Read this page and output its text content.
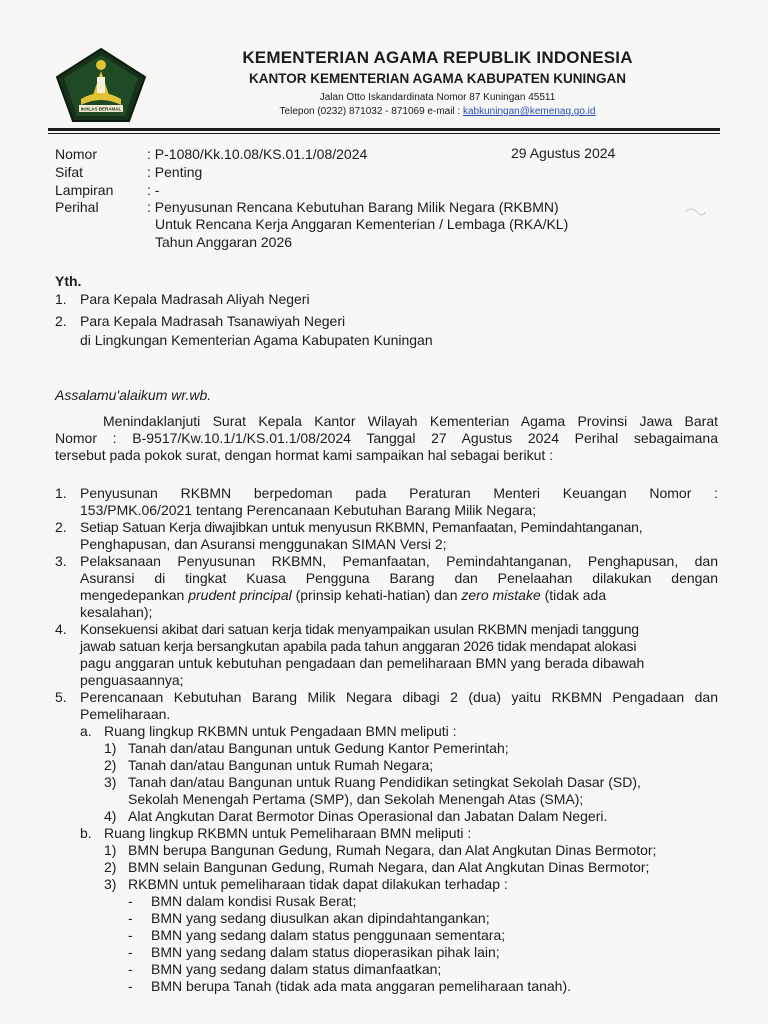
IKHLAS BERAMAL
KEMENTERIAN AGAMA REPUBLIK INDONESIA
KANTOR KEMENTERIAN AGAMA KABUPATEN KUNINGAN
Jalan Otto Iskandardinata Nomor 87 Kuningan 45511
Telepon (0232) 871032 - 871069 e-mail : kabkuningan@kemenag.go.id
Nomor	: P-1080/Kk.10.08/KS.01.1/08/2024	29 Agustus 2024
Sifat	: Penting
Lampiran	: -
Perihal	: Penyusunan Rencana Kebutuhan Barang Milik Negara (RKBMN)
Untuk Rencana Kerja Anggaran Kementerian / Lembaga (RKA/KL)
Tahun Anggaran 2026
Yth.
1. Para Kepala Madrasah Aliyah Negeri
2. Para Kepala Madrasah Tsanawiyah Negeri
di Lingkungan Kementerian Agama Kabupaten Kuningan
Assalamu'alaikum wr.wb.
Menindaklanjuti Surat Kepala Kantor Wilayah Kementerian Agama Provinsi Jawa Barat
Nomor : B-9517/Kw.10.1/1/KS.01.1/08/2024 Tanggal 27 Agustus 2024 Perihal sebagaimana
tersebut pada pokok surat, dengan hormat kami sampaikan hal sebagai berikut :
1. Penyusunan RKBMN berpedoman pada Peraturan Menteri Keuangan Nomor :
153/PMK.06/2021 tentang Perencanaan Kebutuhan Barang Milik Negara;
2. Setiap Satuan Kerja diwajibkan untuk menyusun RKBMN, Pemanfaatan, Pemindahtanganan,
Penghapusan, dan Asuransi menggunakan SIMAN Versi 2;
3. Pelaksanaan Penyusunan RKBMN, Pemanfaatan, Pemindahtanganan, Penghapusan, dan
Asuransi di tingkat Kuasa Pengguna Barang dan Penelaahan dilakukan dengan
mengedepankan prudent principal (prinsip kehati-hatian) dan zero mistake (tidak ada
kesalahan);
4. Konsekuensi akibat dari satuan kerja tidak menyampaikan usulan RKBMN menjadi tanggung
jawab satuan kerja bersangkutan apabila pada tahun anggaran 2026 tidak mendapat alokasi
pagu anggaran untuk kebutuhan pengadaan dan pemeliharaan BMN yang berada dibawah
penguasaannya;
5. Perencanaan Kebutuhan Barang Milik Negara dibagi 2 (dua) yaitu RKBMN Pengadaan dan
Pemeliharaan.
a. Ruang lingkup RKBMN untuk Pengadaan BMN meliputi :
1) Tanah dan/atau Bangunan untuk Gedung Kantor Pemerintah;
2) Tanah dan/atau Bangunan untuk Rumah Negara;
3) Tanah dan/atau Bangunan untuk Ruang Pendidikan setingkat Sekolah Dasar (SD),
Sekolah Menengah Pertama (SMP), dan Sekolah Menengah Atas (SMA);
4) Alat Angkutan Darat Bermotor Dinas Operasional dan Jabatan Dalam Negeri.
b. Ruang lingkup RKBMN untuk Pemeliharaan BMN meliputi :
1) BMN berupa Bangunan Gedung, Rumah Negara, dan Alat Angkutan Dinas Bermotor;
2) BMN selain Bangunan Gedung, Rumah Negara, dan Alat Angkutan Dinas Bermotor;
3) RKBMN untuk pemeliharaan tidak dapat dilakukan terhadap :
- BMN dalam kondisi Rusak Berat;
- BMN yang sedang diusulkan akan dipindahtangankan;
- BMN yang sedang dalam status penggunaan sementara;
- BMN yang sedang dalam status dioperasikan pihak lain;
- BMN yang sedang dalam status dimanfaatkan;
- BMN berupa Tanah (tidak ada mata anggaran pemeliharaan tanah).
